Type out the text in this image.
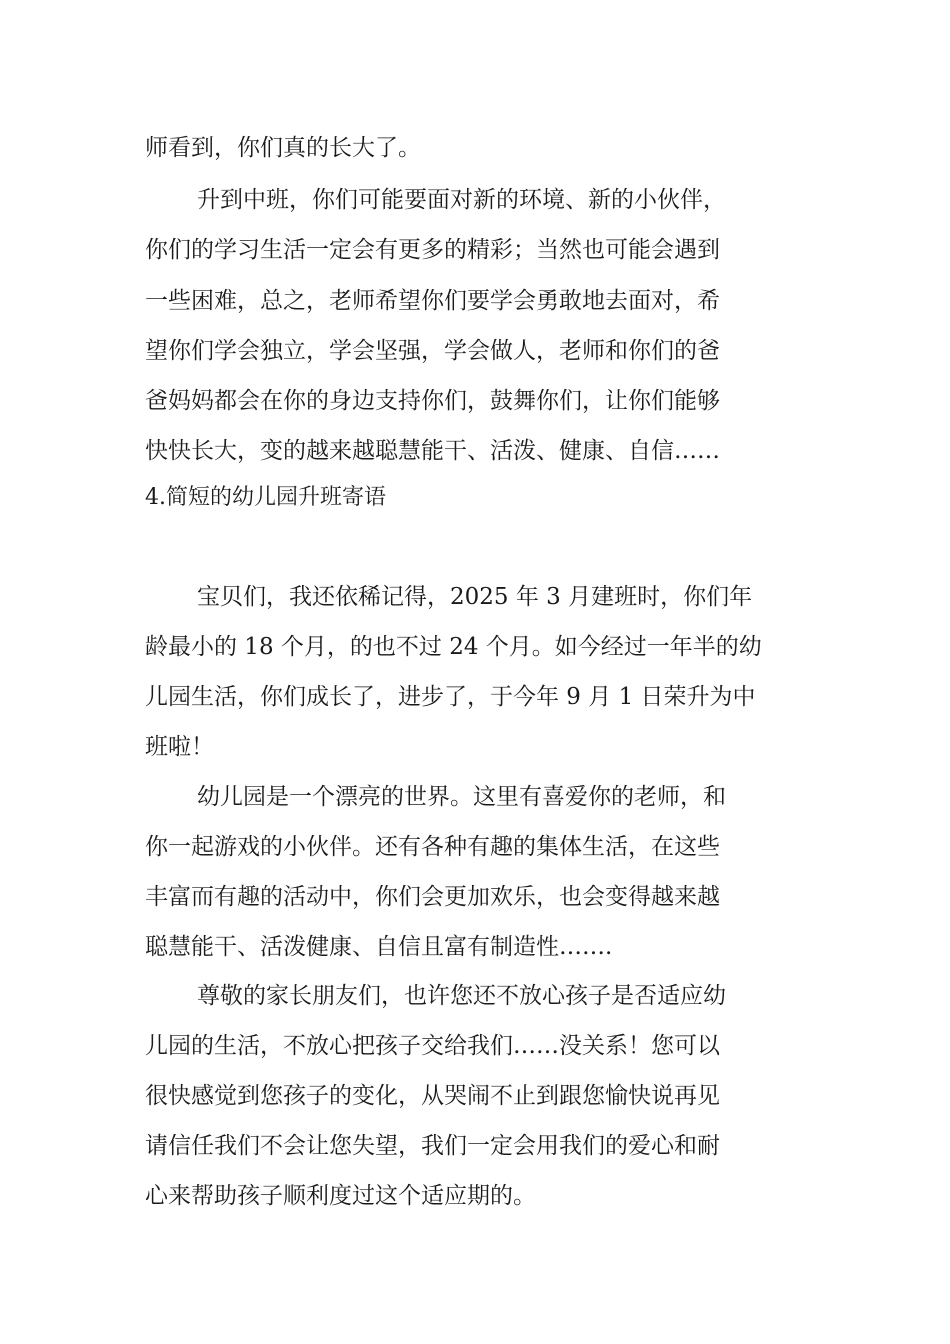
师看到，你们真的长大了。
升到中班，你们可能要面对新的环境、新的小伙伴，
你们的学习生活一定会有更多的精彩；当然也可能会遇到
一些困难，总之，老师希望你们要学会勇敢地去面对，希
望你们学会独立，学会坚强，学会做人，老师和你们的爸
爸妈妈都会在你的身边支持你们，鼓舞你们，让你们能够
快快长大，变的越来越聪慧能干、活泼、健康、自信……
4.简短的幼儿园升班寄语
宝贝们，我还依稀记得，2025 年 3 月建班时，你们年
龄最小的 18 个月，的也不过 24 个月。如今经过一年半的幼
儿园生活，你们成长了，进步了，于今年 9 月 1 日荣升为中
班啦！
幼儿园是一个漂亮的世界。这里有喜爱你的老师，和
你一起游戏的小伙伴。还有各种有趣的集体生活，在这些
丰富而有趣的活动中，你们会更加欢乐，也会变得越来越
聪慧能干、活泼健康、自信且富有制造性…….
尊敬的家长朋友们，也许您还不放心孩子是否适应幼
儿园的生活，不放心把孩子交给我们……没关系！您可以
很快感觉到您孩子的变化，从哭闹不止到跟您愉快说再见
请信任我们不会让您失望，我们一定会用我们的爱心和耐
心来帮助孩子顺利度过这个适应期的。
